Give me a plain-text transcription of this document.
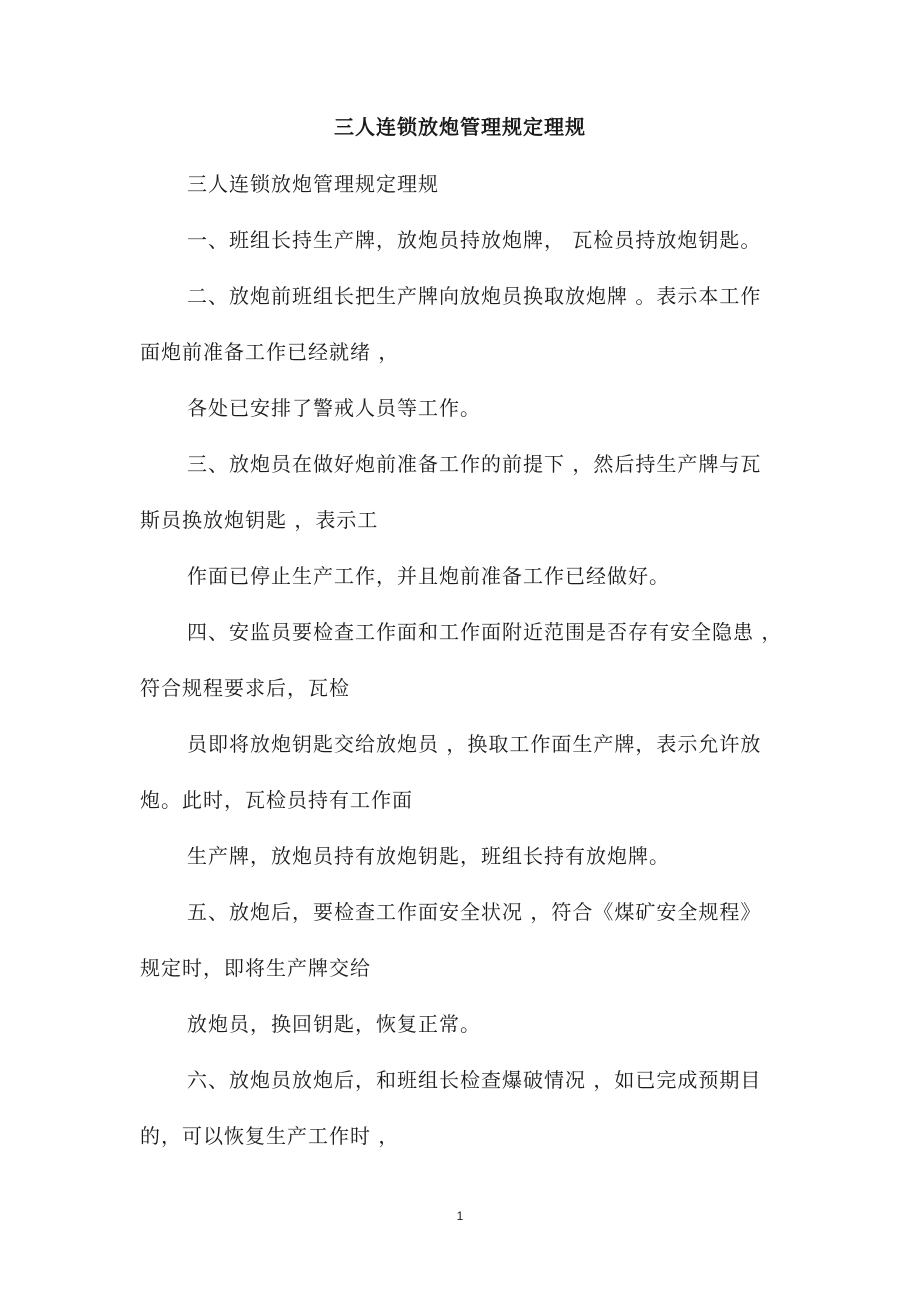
三人连锁放炮管理规定理规
三人连锁放炮管理规定理规
一、班组长持生产牌，放炮员持放炮牌， 瓦检员持放炮钥匙。
二、放炮前班组长把生产牌向放炮员换取放炮牌 。表示本工作
面炮前准备工作已经就绪 ，
各处已安排了警戒人员等工作。
三、放炮员在做好炮前准备工作的前提下 ，然后持生产牌与瓦
斯员换放炮钥匙 ，表示工
作面已停止生产工作，并且炮前准备工作已经做好。
四、安监员要检查工作面和工作面附近范围是否存有安全隐患 ，
符合规程要求后，瓦检
员即将放炮钥匙交给放炮员 ，换取工作面生产牌，表示允许放
炮。此时，瓦检员持有工作面
生产牌，放炮员持有放炮钥匙，班组长持有放炮牌。
五、放炮后，要检查工作面安全状况 ，符合《煤矿安全规程》
规定时，即将生产牌交给
放炮员，换回钥匙，恢复正常。
六、放炮员放炮后，和班组长检查爆破情况 ，如已完成预期目
的，可以恢复生产工作时 ，
1
